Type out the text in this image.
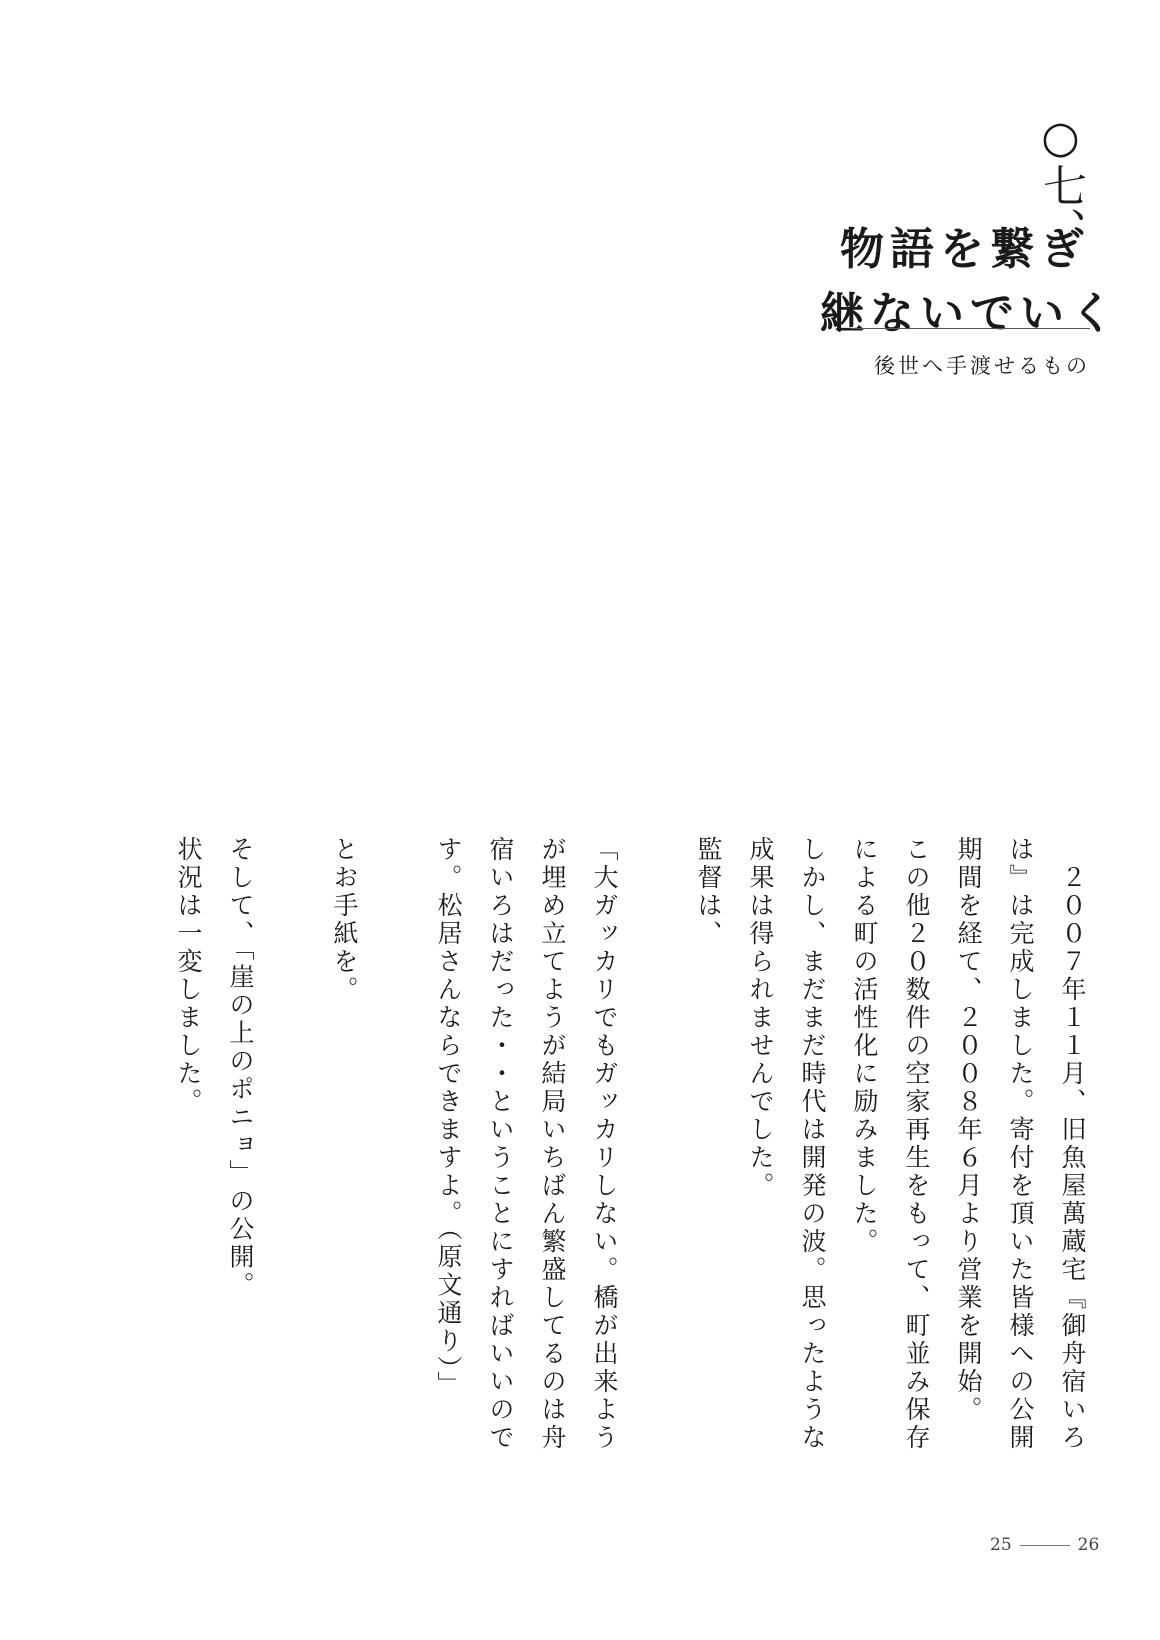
○七、

物語を繋ぎ

継ないでいく

後世へ手渡せるもの

　２００７年１１月、旧魚屋萬蔵宅『御舟宿いろ
は』は完成しました。寄付を頂いた皆様への公開
期間を経て、２００８年６月より営業を開始。

この他２０数件の空家再生をもって、町並み保存
による町の活性化に励みました。
しかし、まだまだ時代は開発の波。思ったような
成果は得られませんでした。

監督は、

「大ガッカリでもガッカリしない。橋が出来よう
が埋め立てようが結局いちばん繁盛してるのは舟
宿いろはだった・・ということにすればいいので
す。松居さんならできますよ。（原文通り）」

とお手紙を。

そして、「崖の上のポニョ」の公開。
状況は一変しました。

25	26
